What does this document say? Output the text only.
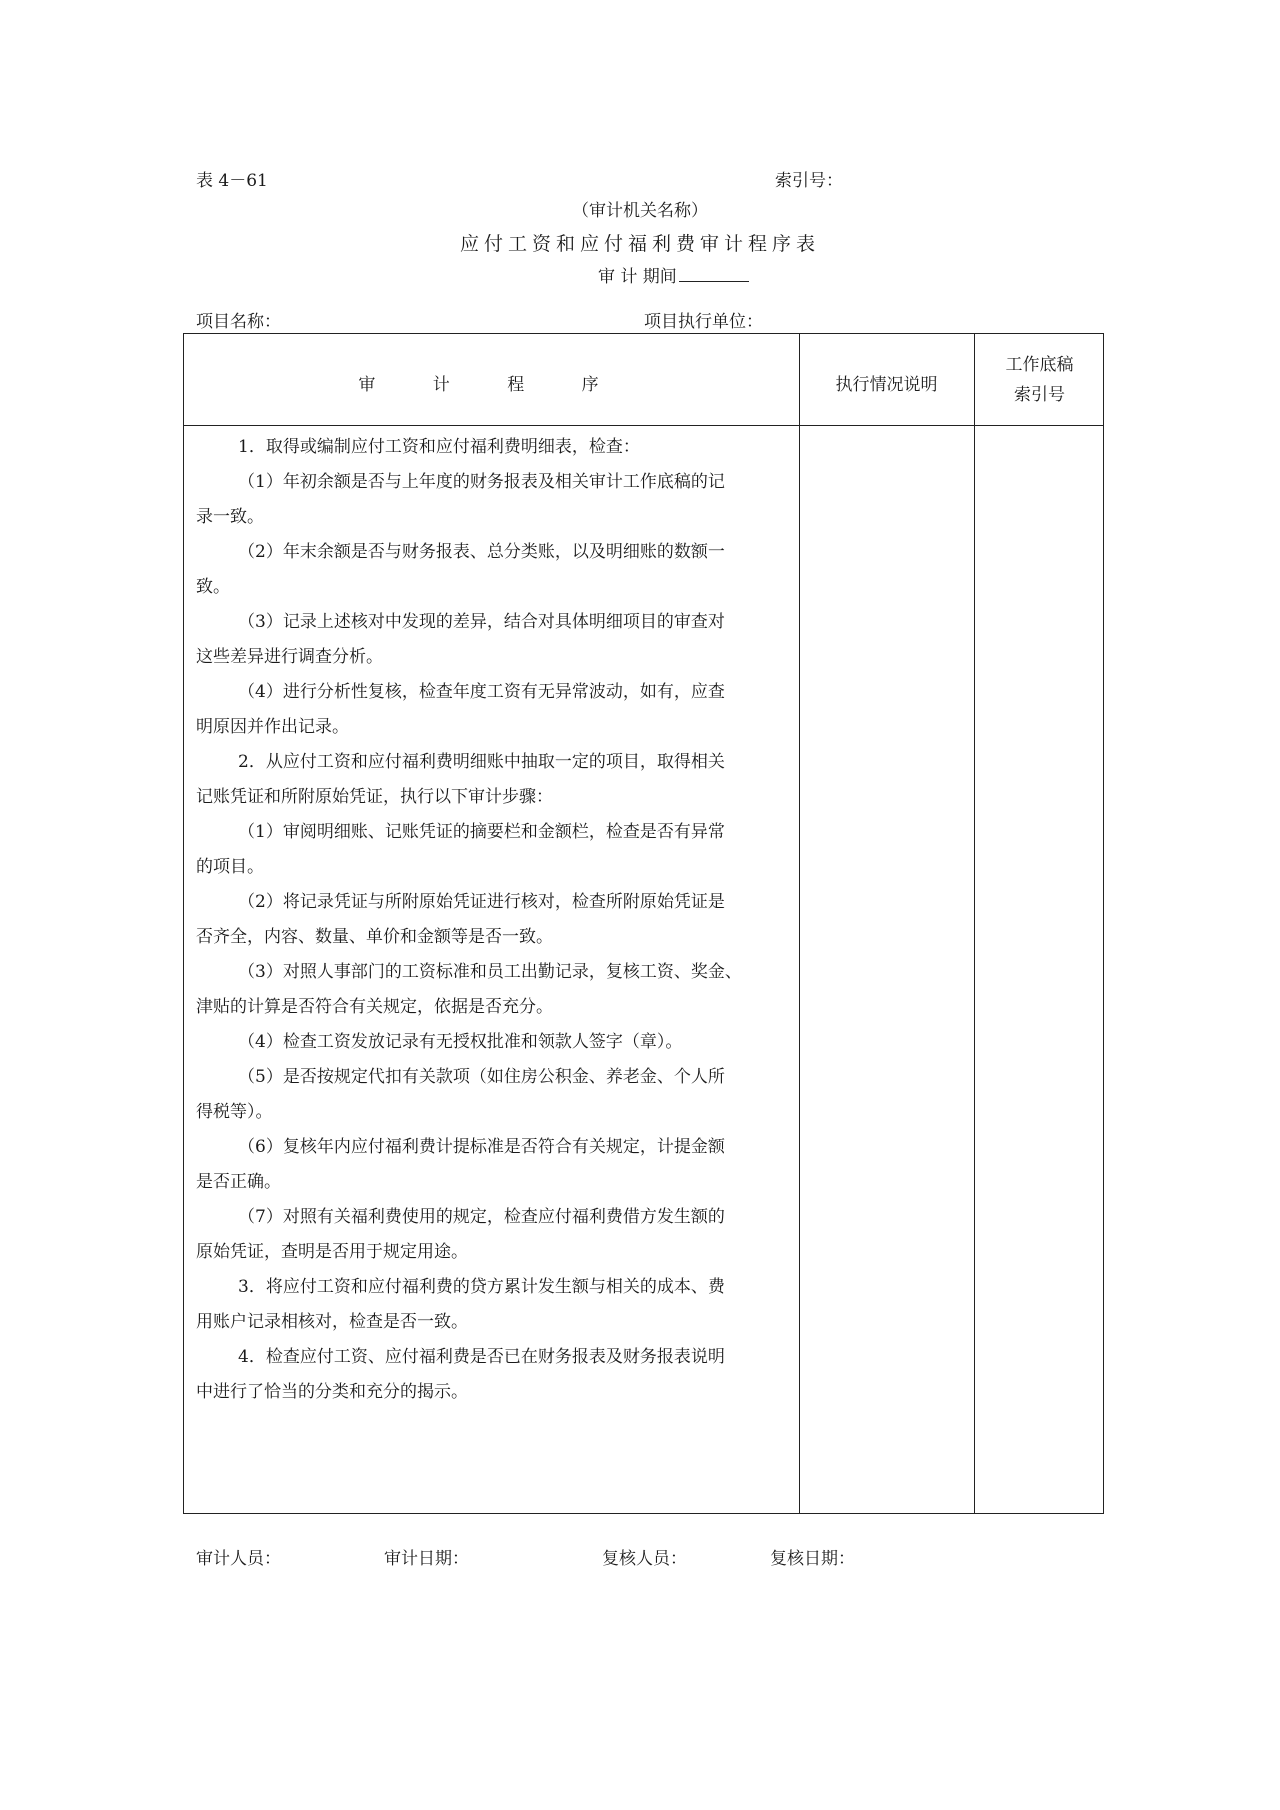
表 4－61	索引号：
（审计机关名称）
应付工资和应付福利费审计程序表
审 计 期间
项目名称：	项目执行单位：
审 计 程 序	执行情况说明
工作底稿
索引号
1．取得或编制应付工资和应付福利费明细表，检查：
（1）年初余额是否与上年度的财务报表及相关审计工作底稿的记
录一致。
（2）年末余额是否与财务报表、总分类账，以及明细账的数额一
致。
（3）记录上述核对中发现的差异，结合对具体明细项目的审查对
这些差异进行调查分析。
（4）进行分析性复核，检查年度工资有无异常波动，如有，应查
明原因并作出记录。
2．从应付工资和应付福利费明细账中抽取一定的项目，取得相关
记账凭证和所附原始凭证，执行以下审计步骤：
（1）审阅明细账、记账凭证的摘要栏和金额栏，检查是否有异常
的项目。
（2）将记录凭证与所附原始凭证进行核对，检查所附原始凭证是
否齐全，内容、数量、单价和金额等是否一致。
（3）对照人事部门的工资标准和员工出勤记录，复核工资、奖金、
津贴的计算是否符合有关规定，依据是否充分。
（4）检查工资发放记录有无授权批准和领款人签字（章）。
（5）是否按规定代扣有关款项（如住房公积金、养老金、个人所
得税等）。
（6）复核年内应付福利费计提标准是否符合有关规定，计提金额
是否正确。
（7）对照有关福利费使用的规定，检查应付福利费借方发生额的
原始凭证，查明是否用于规定用途。
3．将应付工资和应付福利费的贷方累计发生额与相关的成本、费
用账户记录相核对，检查是否一致。
4．检查应付工资、应付福利费是否已在财务报表及财务报表说明
中进行了恰当的分类和充分的揭示。
审计人员：	审计日期：	复核人员：	复核日期：
